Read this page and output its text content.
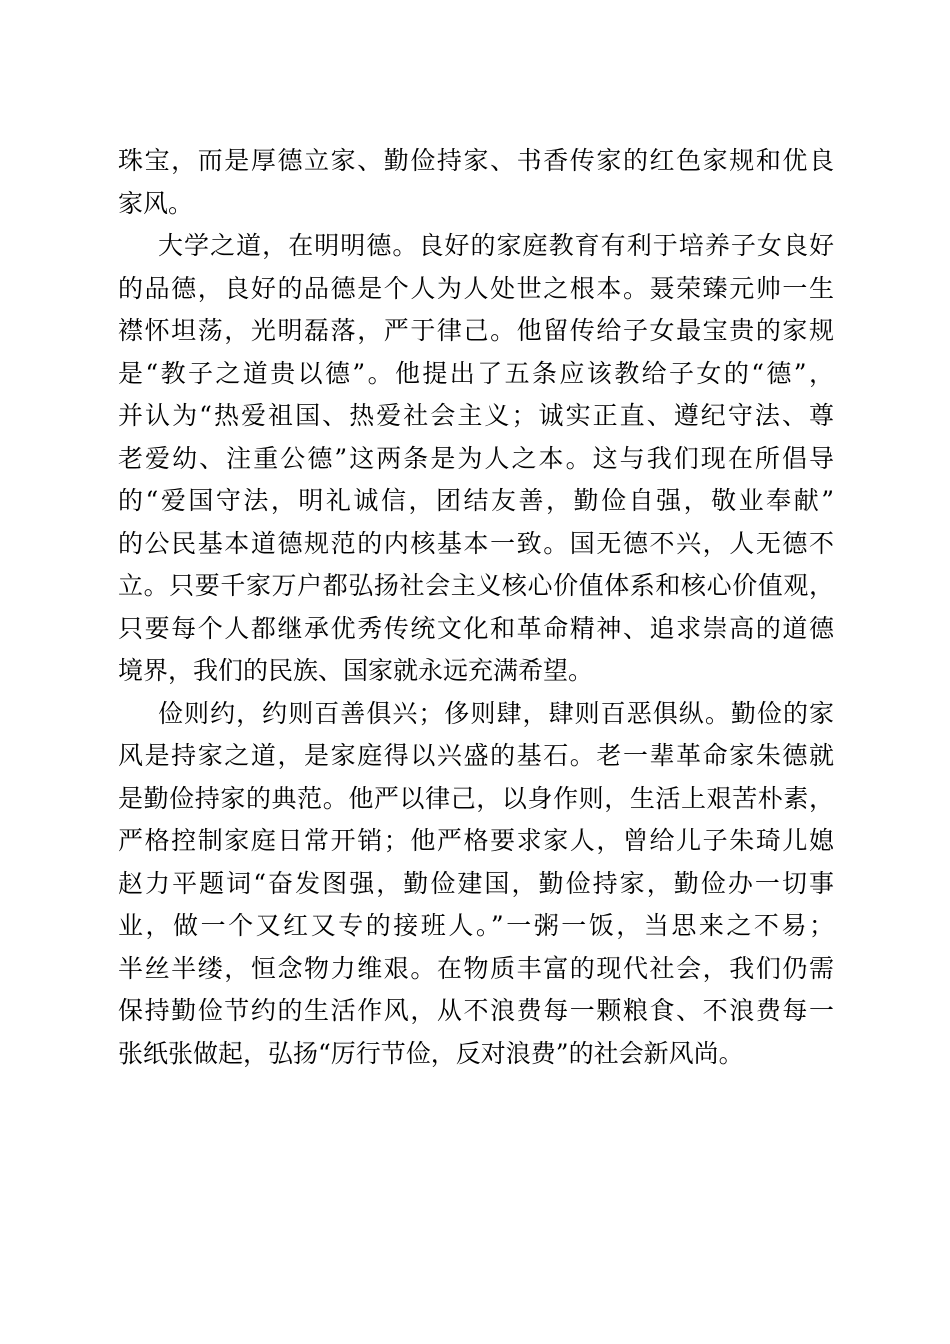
珠宝，而是厚德立家、勤俭持家、书香传家的红色家规和优良
家风。
大学之道，在明明德。良好的家庭教育有利于培养子女良好
的品德，良好的品德是个人为人处世之根本。聂荣臻元帅一生
襟怀坦荡，光明磊落，严于律己。他留传给子女最宝贵的家规
是“教子之道贵以德”。他提出了五条应该教给子女的“德”，
并认为“热爱祖国、热爱社会主义；诚实正直、遵纪守法、尊
老爱幼、注重公德”这两条是为人之本。这与我们现在所倡导
的“爱国守法，明礼诚信，团结友善，勤俭自强，敬业奉献”
的公民基本道德规范的内核基本一致。国无德不兴，人无德不
立。只要千家万户都弘扬社会主义核心价值体系和核心价值观，
只要每个人都继承优秀传统文化和革命精神、追求崇高的道德
境界，我们的民族、国家就永远充满希望。
俭则约，约则百善俱兴；侈则肆，肆则百恶俱纵。勤俭的家
风是持家之道，是家庭得以兴盛的基石。老一辈革命家朱德就
是勤俭持家的典范。他严以律己，以身作则，生活上艰苦朴素，
严格控制家庭日常开销；他严格要求家人，曾给儿子朱琦儿媳
赵力平题词“奋发图强，勤俭建国，勤俭持家，勤俭办一切事
业，做一个又红又专的接班人。”一粥一饭，当思来之不易；
半丝半缕，恒念物力维艰。在物质丰富的现代社会，我们仍需
保持勤俭节约的生活作风，从不浪费每一颗粮食、不浪费每一
张纸张做起，弘扬“厉行节俭，反对浪费”的社会新风尚。
